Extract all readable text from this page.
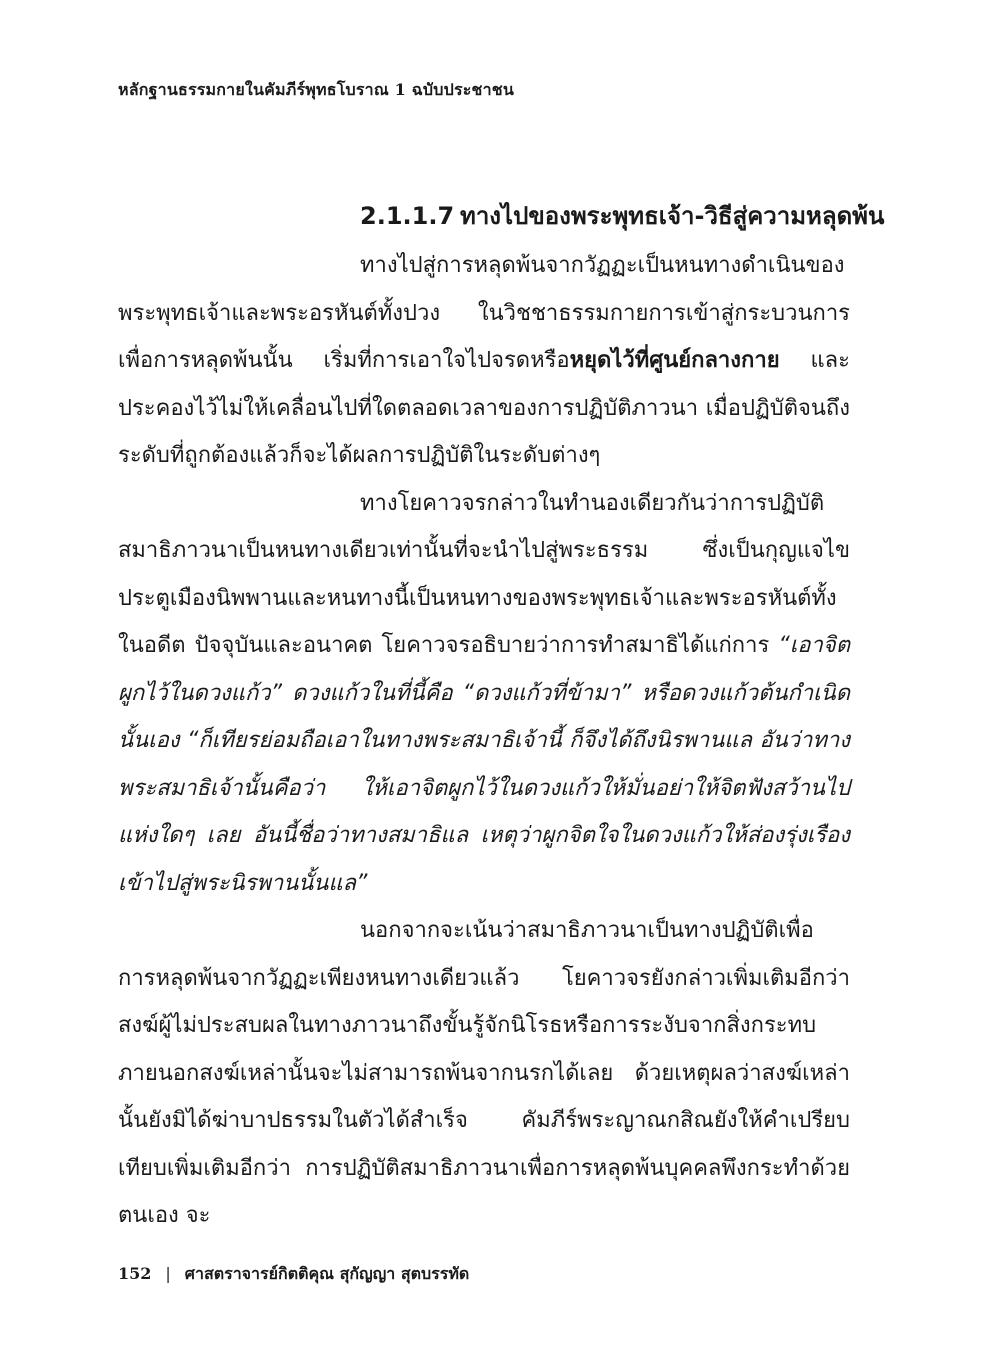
หลักฐานธรรมกายในคัมภีร์พุทธโบราณ 1 ฉบับประชาชน
2.1.1.7 ทางไปของพระพุทธเจ้า-วิธีสู่ความหลุดพ้น

ทางไปสู่การหลุดพ้นจากวัฏฏะเป็นหนทางดำเนินของพระพุทธเจ้าและพระอรหันต์ทั้งปวง ในวิชชาธรรมกายการเข้าสู่กระบวนการเพื่อการหลุดพ้นนั้น เริ่มที่การเอาใจไปจรดหรือหยุดไว้ที่ศูนย์กลางกาย และประคองไว้ไม่ให้เคลื่อนไปที่ใดตลอดเวลาของการปฏิบัติภาวนา เมื่อปฏิบัติจนถึงระดับที่ถูกต้องแล้วก็จะได้ผลการปฏิบัติในระดับต่างๆ

ทางโยคาวจรกล่าวในทำนองเดียวกันว่าการปฏิบัติสมาธิภาวนาเป็นหนทางเดียวเท่านั้นที่จะนำไปสู่พระธรรม ซึ่งเป็นกุญแจไขประตูเมืองนิพพานและหนทางนี้เป็นหนทางของพระพุทธเจ้าและพระอรหันต์ทั้งในอดีต ปัจจุบันและอนาคต โยคาวจรอธิบายว่าการทำสมาธิได้แก่การ “เอาจิตผูกไว้ในดวงแก้ว” ดวงแก้วในที่นี้คือ “ดวงแก้วที่ข้ามา” หรือดวงแก้วต้นกำเนิดนั้นเอง “ก็เทียรย่อมถือเอาในทางพระสมาธิเจ้านี้ ก็จึงได้ถึงนิรพานแล อันว่าทางพระสมาธิเจ้านั้นคือว่า ให้เอาจิตผูกไว้ในดวงแก้วให้มั่นอย่าให้จิตฟังสว้านไปแห่งใดๆ เลย อันนี้ชื่อว่าทางสมาธิแล เหตุว่าผูกจิตใจในดวงแก้วให้ส่องรุ่งเรืองเข้าไปสู่พระนิรพานนั้นแล”

นอกจากจะเน้นว่าสมาธิภาวนาเป็นทางปฏิบัติเพื่อการหลุดพ้นจากวัฏฏะเพียงหนทางเดียวแล้ว โยคาวจรยังกล่าวเพิ่มเติมอีกว่าสงฆ์ผู้ไม่ประสบผลในทางภาวนาถึงขั้นรู้จักนิโรธหรือการระงับจากสิ่งกระทบภายนอกสงฆ์เหล่านั้นจะไม่สามารถพ้นจากนรกได้เลย ด้วยเหตุผลว่าสงฆ์เหล่านั้นยังมิได้ฆ่าบาปธรรมในตัวได้สำเร็จ คัมภีร์พระญาณกสิณยังให้คำเปรียบเทียบเพิ่มเติมอีกว่า การปฏิบัติสมาธิภาวนาเพื่อการหลุดพ้นบุคคลพึงกระทำด้วยตนเอง จะ

152 | ศาสตราจารย์กิตติคุณ สุกัญญา สุตบรรทัด
